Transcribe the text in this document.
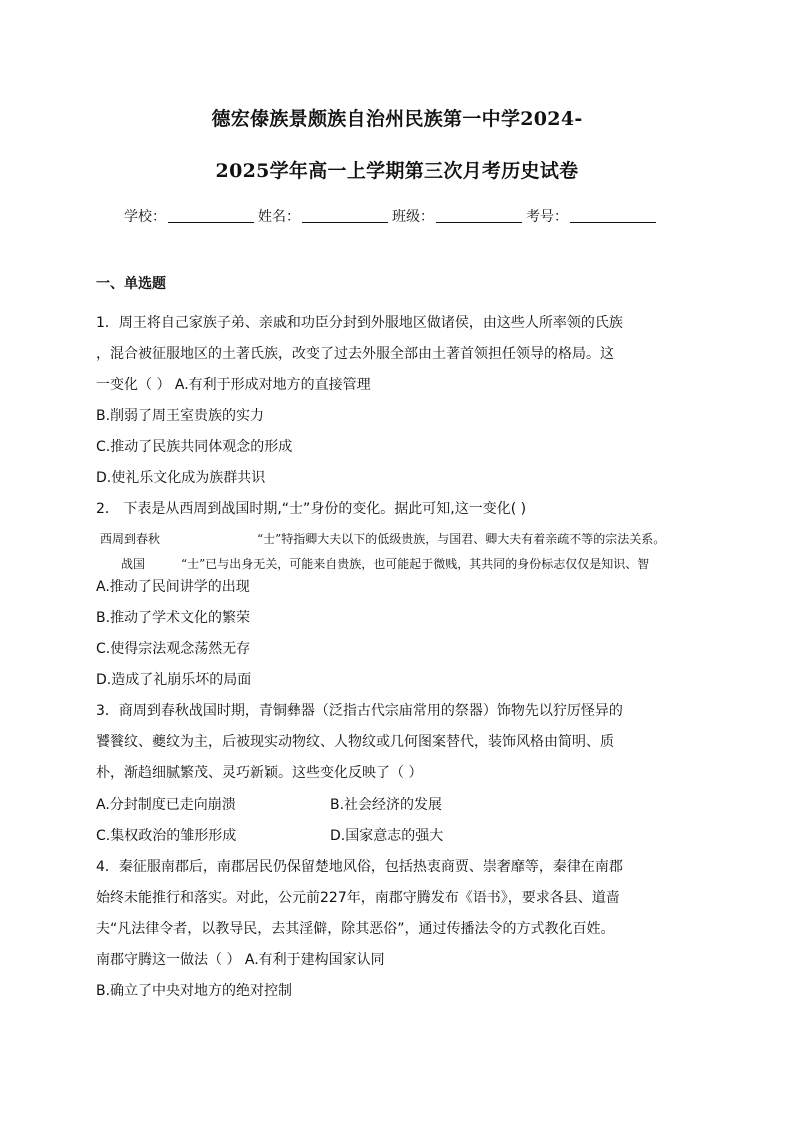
德宏傣族景颇族自治州民族第一中学2024-
2025学年高一上学期第三次月考历史试卷
学校：	姓名：	班级：	考号：
一、单选题
1．周王将自己家族子弟、亲戚和功臣分封到外服地区做诸侯，由这些人所率领的氏族
，混合被征服地区的土著氏族，改变了过去外服全部由土著首领担任领导的格局。这
一变化（ ） A.有利于形成对地方的直接管理
B.削弱了周王室贵族的实力
C.推动了民族共同体观念的形成
D.使礼乐文化成为族群共识
2． 下表是从西周到战国时期,“士”身份的变化。据此可知,这一变化( )
西周到春秋	“士”特指卿大夫以下的低级贵族，与国君、卿大夫有着亲疏不等的宗法关系。
战国	“士”已与出身无关，可能来自贵族，也可能起于微贱，其共同的身份标志仅仅是知识、智
A.推动了民间讲学的出现
B.推动了学术文化的繁荣
C.使得宗法观念荡然无存
D.造成了礼崩乐坏的局面
3．商周到春秋战国时期，青铜彝器（泛指古代宗庙常用的祭器）饰物先以狞厉怪异的
饕餮纹、夔纹为主，后被现实动物纹、人物纹或几何图案替代，装饰风格由简明、质
朴，渐趋细腻繁茂、灵巧新颖。这些变化反映了（ ）
A.分封制度已走向崩溃	B.社会经济的发展
C.集权政治的雏形形成	D.国家意志的强大
4．秦征服南郡后，南郡居民仍保留楚地风俗，包括热衷商贾、崇奢靡等，秦律在南郡
始终未能推行和落实。对此，公元前227年，南郡守腾发布《语书》，要求各县、道啬
夫“凡法律令者，以教导民，去其淫僻，除其恶俗”，通过传播法令的方式教化百姓。
南郡守腾这一做法（ ） A.有利于建构国家认同
B.确立了中央对地方的绝对控制
